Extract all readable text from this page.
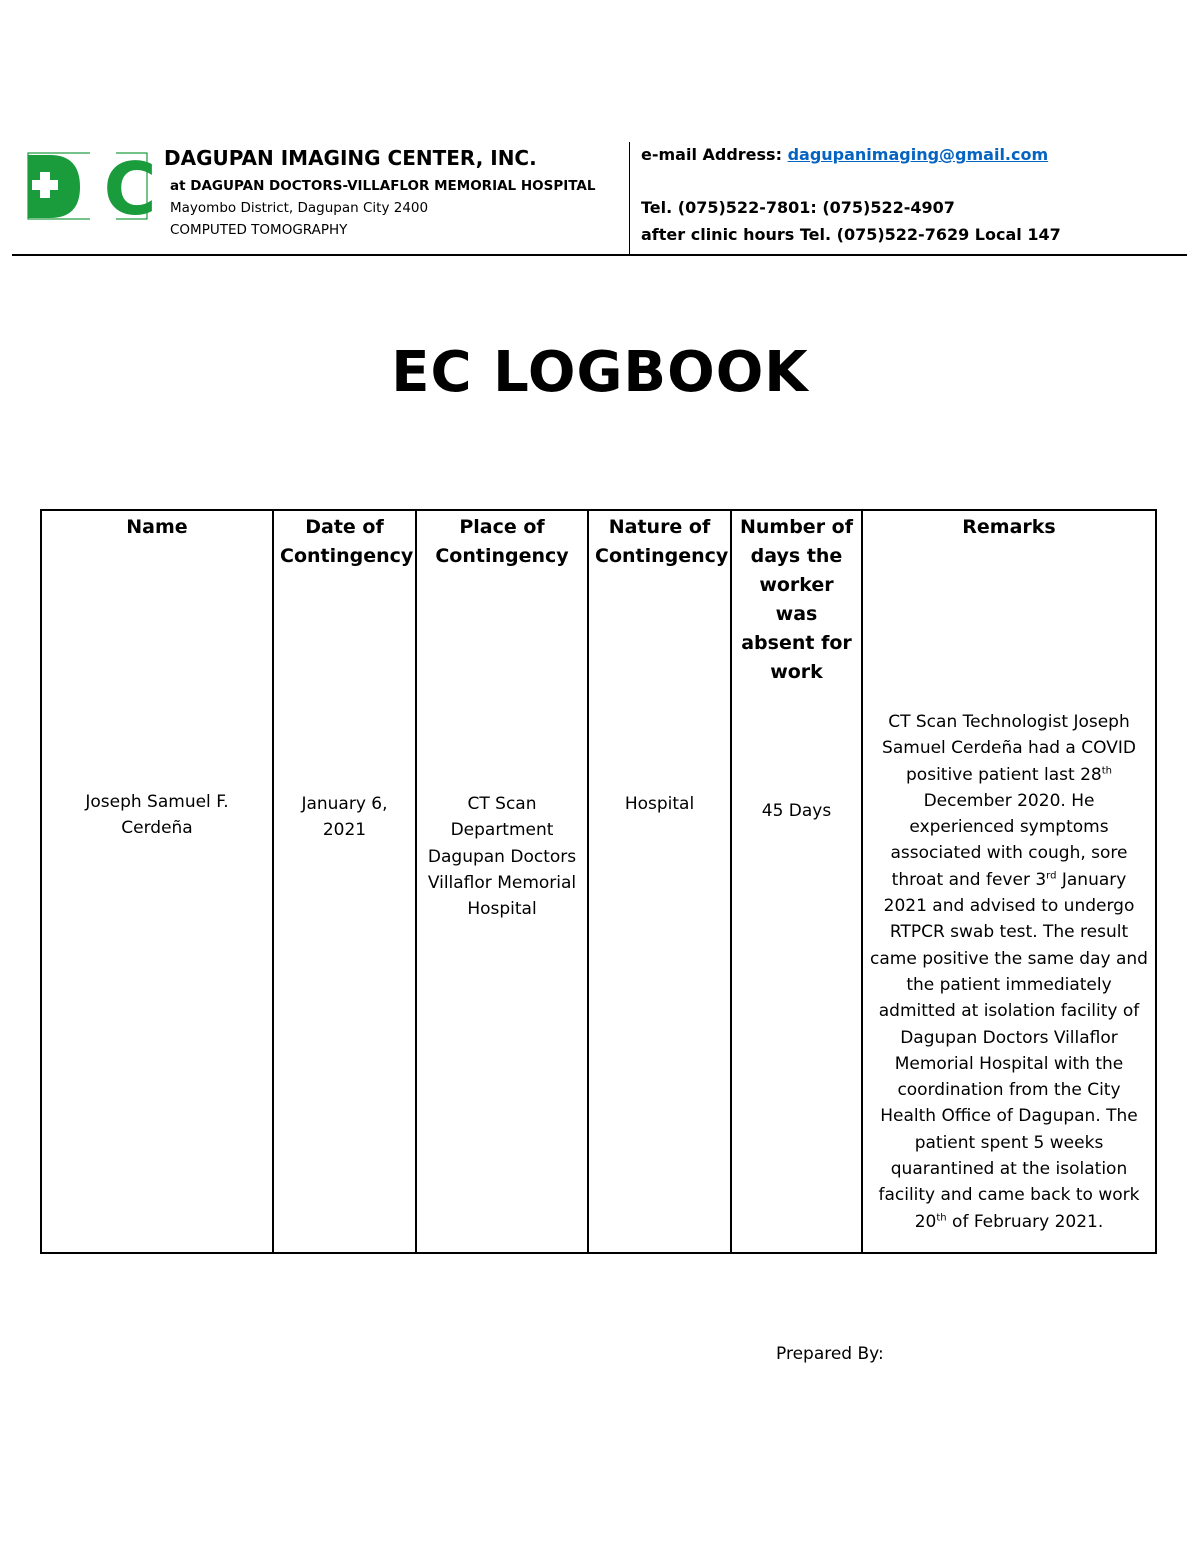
C DAGUPAN IMAGING CENTER, INC.
at DAGUPAN DOCTORS-VILLAFLOR MEMORIAL HOSPITAL
Mayombo District, Dagupan City 2400
COMPUTED TOMOGRAPHY
e-mail Address: dagupanimaging@gmail.com
Tel. (075)522-7801: (075)522-4907
after clinic hours Tel. (075)522-7629 Local 147
EC LOGBOOK
Name	Date of Contingency	Place of Contingency	Nature of Contingency	Number of days the worker was absent for work	Remarks
Joseph Samuel F. Cerdeña	January 6, 2021	CT Scan Department Dagupan Doctors Villaflor Memorial Hospital	Hospital	45 Days	CT Scan Technologist Joseph Samuel Cerdeña had a COVID positive patient last 28th December 2020. He experienced symptoms associated with cough, sore throat and fever 3rd January 2021 and advised to undergo RTPCR swab test. The result came positive the same day and the patient immediately admitted at isolation facility of Dagupan Doctors Villaflor Memorial Hospital with the coordination from the City Health Office of Dagupan. The patient spent 5 weeks quarantined at the isolation facility and came back to work 20th of February 2021.
Prepared By:
